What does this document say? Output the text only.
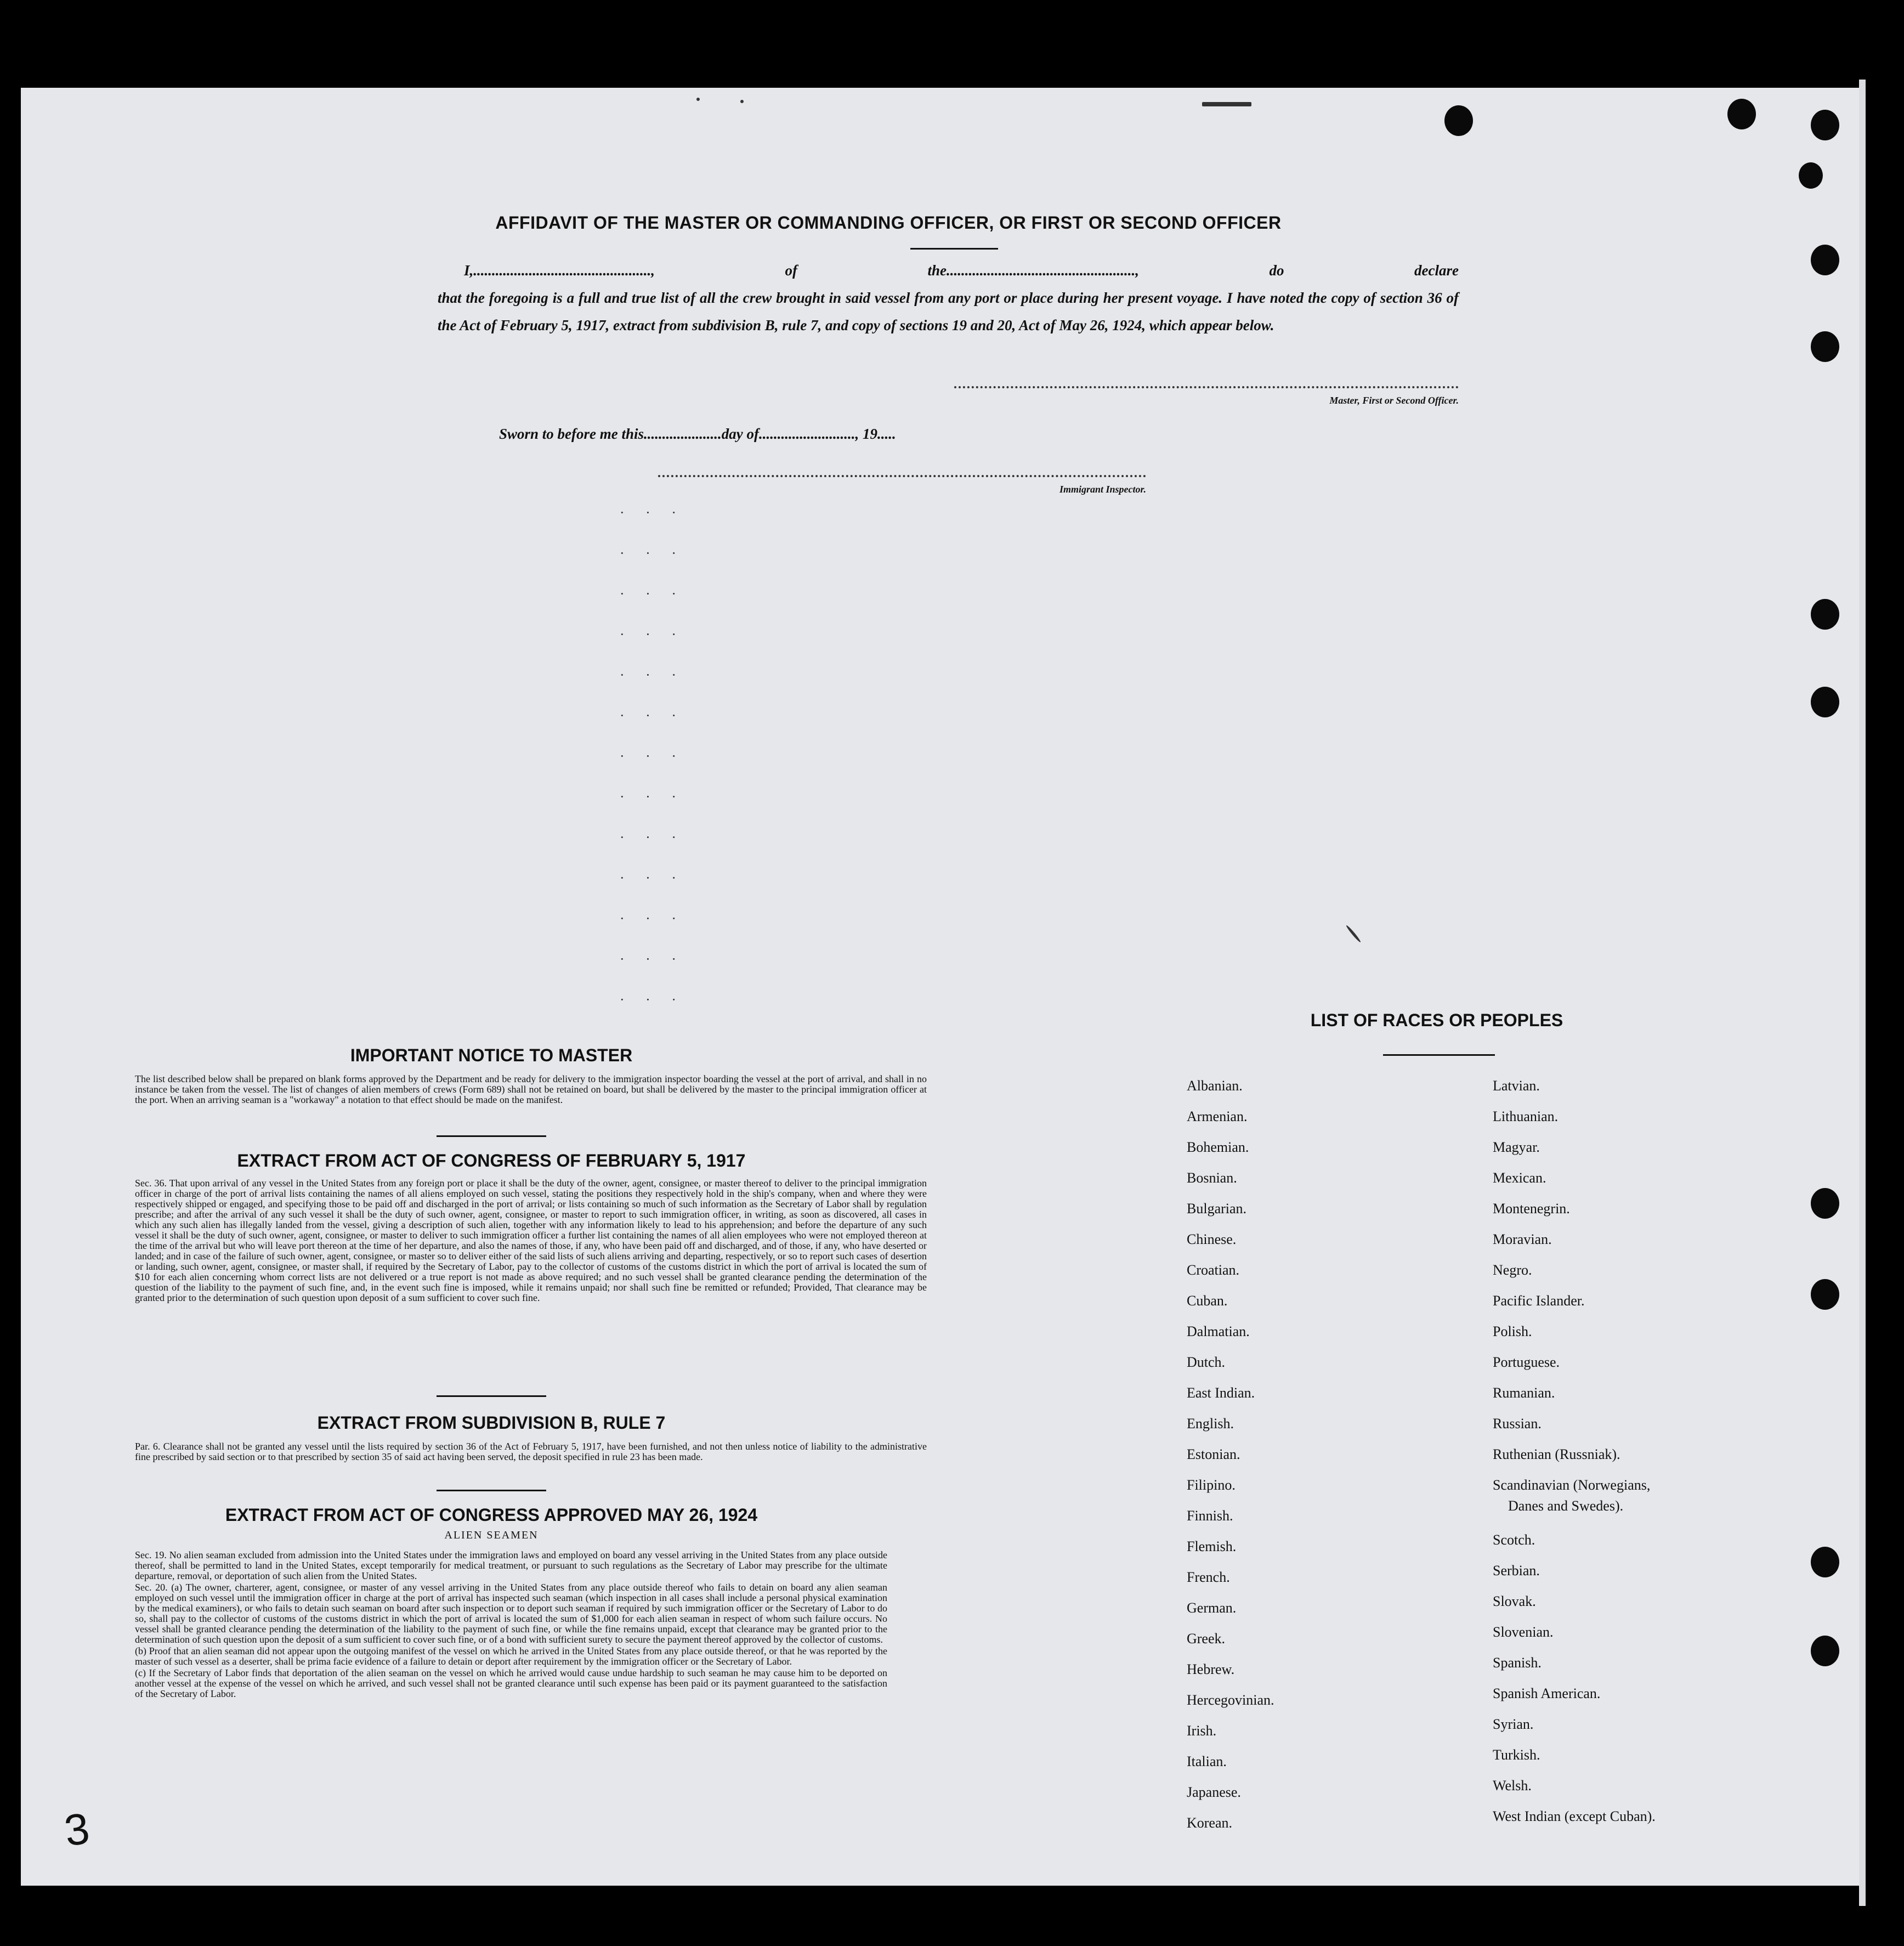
AFFIDAVIT OF THE MASTER OR COMMANDING OFFICER, OR FIRST OR SECOND OFFICER
I,................................................, of the..................................................., do declare
that the foregoing is a full and true list of all the crew brought in said vessel from any port or place during her present voyage. I have noted the copy of section 36 of the Act of February 5, 1917, extract from subdivision B, rule 7, and copy of sections 19 and 20, Act of May 26, 1924, which appear below.
Master, First or Second Officer.
Sworn to before me this.....................day of.........................., 19.....
Immigrant Inspector.
· · ·
· · ·
· · ·
· · ·
· · ·
· · ·
· · ·
· · ·
· · ·
· · ·
· · ·
· · ·
· · ·
IMPORTANT NOTICE TO MASTER
The list described below shall be prepared on blank forms approved by the Department and be ready for delivery to the immigration inspector boarding the vessel at the port of arrival, and shall in no instance be taken from the vessel. The list of changes of alien members of crews (Form 689) shall not be retained on board, but shall be delivered by the master to the principal immigration officer at the port. When an arriving seaman is a "workaway" a notation to that effect should be made on the manifest.
EXTRACT FROM ACT OF CONGRESS OF FEBRUARY 5, 1917
Sec. 36. That upon arrival of any vessel in the United States from any foreign port or place it shall be the duty of the owner, agent, consignee, or master thereof to deliver to the principal immigration officer in charge of the port of arrival lists containing the names of all aliens employed on such vessel, stating the positions they respectively hold in the ship's company, when and where they were respectively shipped or engaged, and specifying those to be paid off and discharged in the port of arrival; or lists containing so much of such information as the Secretary of Labor shall by regulation prescribe; and after the arrival of any such vessel it shall be the duty of such owner, agent, consignee, or master to report to such immigration officer, in writing, as soon as discovered, all cases in which any such alien has illegally landed from the vessel, giving a description of such alien, together with any information likely to lead to his apprehension; and before the departure of any such vessel it shall be the duty of such owner, agent, consignee, or master to deliver to such immigration officer a further list containing the names of all alien employees who were not employed thereon at the time of the arrival but who will leave port thereon at the time of her departure, and also the names of those, if any, who have been paid off and discharged, and of those, if any, who have deserted or landed; and in case of the failure of such owner, agent, consignee, or master so to deliver either of the said lists of such aliens arriving and departing, respectively, or so to report such cases of desertion or landing, such owner, agent, consignee, or master shall, if required by the Secretary of Labor, pay to the collector of customs of the customs district in which the port of arrival is located the sum of $10 for each alien concerning whom correct lists are not delivered or a true report is not made as above required; and no such vessel shall be granted clearance pending the determination of the question of the liability to the payment of such fine, and, in the event such fine is imposed, while it remains unpaid; nor shall such fine be remitted or refunded; Provided, That clearance may be granted prior to the determination of such question upon deposit of a sum sufficient to cover such fine.
EXTRACT FROM SUBDIVISION B, RULE 7
Par. 6. Clearance shall not be granted any vessel until the lists required by section 36 of the Act of February 5, 1917, have been furnished, and not then unless notice of liability to the administrative fine prescribed by said section or to that prescribed by section 35 of said act having been served, the deposit specified in rule 23 has been made.
EXTRACT FROM ACT OF CONGRESS APPROVED MAY 26, 1924
ALIEN SEAMEN
Sec. 19. No alien seaman excluded from admission into the United States under the immigration laws and employed on board any vessel arriving in the United States from any place outside thereof, shall be permitted to land in the United States, except temporarily for medical treatment, or pursuant to such regulations as the Secretary of Labor may prescribe for the ultimate departure, removal, or deportation of such alien from the United States.
Sec. 20. (a) The owner, charterer, agent, consignee, or master of any vessel arriving in the United States from any place outside thereof who fails to detain on board any alien seaman employed on such vessel until the immigration officer in charge at the port of arrival has inspected such seaman (which inspection in all cases shall include a personal physical examination by the medical examiners), or who fails to detain such seaman on board after such inspection or to deport such seaman if required by such immigration officer or the Secretary of Labor to do so, shall pay to the collector of customs of the customs district in which the port of arrival is located the sum of $1,000 for each alien seaman in respect of whom such failure occurs. No vessel shall be granted clearance pending the determination of the liability to the payment of such fine, or while the fine remains unpaid, except that clearance may be granted prior to the determination of such question upon the deposit of a sum sufficient to cover such fine, or of a bond with sufficient surety to secure the payment thereof approved by the collector of customs.
(b) Proof that an alien seaman did not appear upon the outgoing manifest of the vessel on which he arrived in the United States from any place outside thereof, or that he was reported by the master of such vessel as a deserter, shall be prima facie evidence of a failure to detain or deport after requirement by the immigration officer or the Secretary of Labor.
(c) If the Secretary of Labor finds that deportation of the alien seaman on the vessel on which he arrived would cause undue hardship to such seaman he may cause him to be deported on another vessel at the expense of the vessel on which he arrived, and such vessel shall not be granted clearance until such expense has been paid or its payment guaranteed to the satisfaction of the Secretary of Labor.
LIST OF RACES OR PEOPLES
Albanian.
Armenian.
Bohemian.
Bosnian.
Bulgarian.
Chinese.
Croatian.
Cuban.
Dalmatian.
Dutch.
East Indian.
English.
Estonian.
Filipino.
Finnish.
Flemish.
French.
German.
Greek.
Hebrew.
Hercegovinian.
Irish.
Italian.
Japanese.
Korean.
Latvian.
Lithuanian.
Magyar.
Mexican.
Montenegrin.
Moravian.
Negro.
Pacific Islander.
Polish.
Portuguese.
Rumanian.
Russian.
Ruthenian (Russniak).
Scandinavian (Norwegians,
Danes and Swedes).
Scotch.
Serbian.
Slovak.
Slovenian.
Spanish.
Spanish American.
Syrian.
Turkish.
Welsh.
West Indian (except Cuban).
3
